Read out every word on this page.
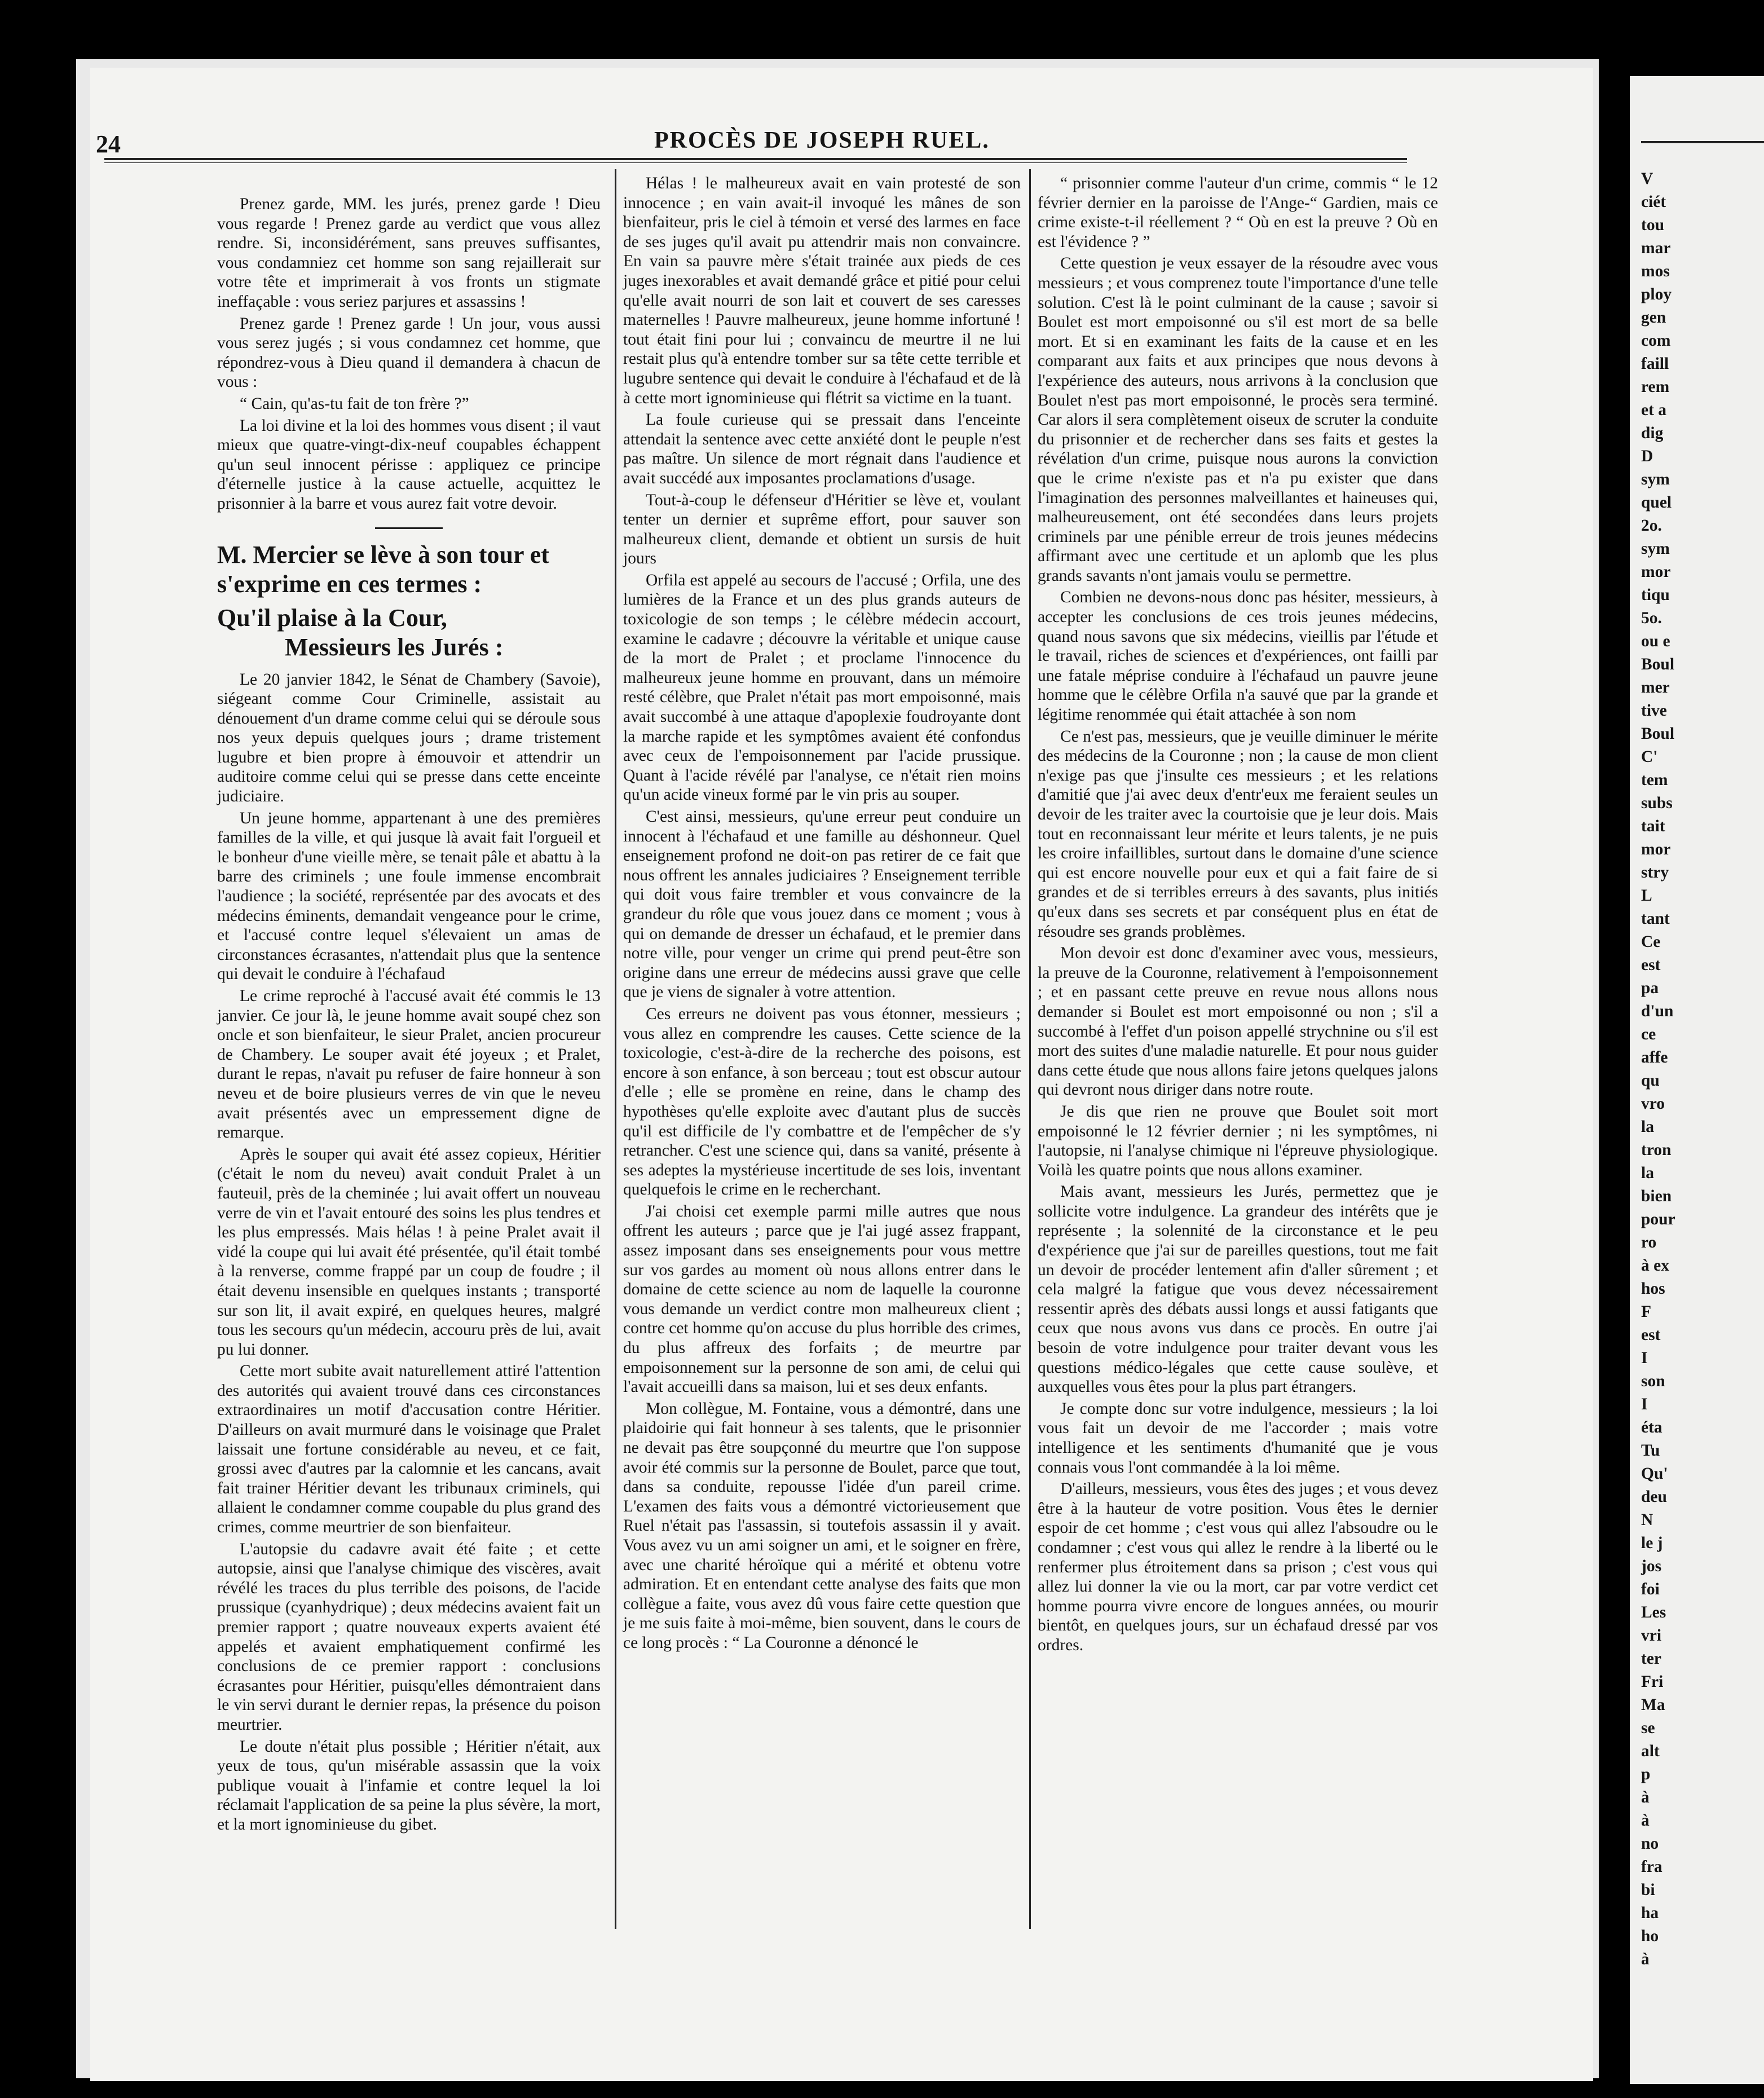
24	PROCÈS DE JOSEPH RUEL.

Prenez garde, MM. les jurés, prenez garde ! Dieu vous regarde ! Prenez garde au verdict que vous allez rendre. Si, inconsidérément, sans preuves suffisantes, vous condamniez cet homme son sang rejaillerait sur votre tête et imprimerait à vos fronts un stigmate ineffaçable : vous seriez parjures et assassins !

Prenez garde ! Prenez garde ! Un jour, vous aussi vous serez jugés ; si vous condamnez cet homme, que répondrez-vous à Dieu quand il demandera à chacun de vous :

“ Cain, qu'as-tu fait de ton frère ?”

La loi divine et la loi des hommes vous disent ; il vaut mieux que quatre-vingt-dix-neuf coupables échappent qu'un seul innocent périsse : appliquez ce principe d'éternelle justice à la cause actuelle, acquittez le prisonnier à la barre et vous aurez fait votre devoir.

M. Mercier se lève à son tour et s'exprime en ces termes :
Qu'il plaise à la Cour,
Messieurs les Jurés :

Le 20 janvier 1842, le Sénat de Chambery (Savoie), siégeant comme Cour Criminelle, assistait au dénouement d'un drame comme celui qui se déroule sous nos yeux depuis quelques jours ; drame tristement lugubre et bien propre à émouvoir et attendrir un auditoire comme celui qui se presse dans cette enceinte judiciaire.

Un jeune homme, appartenant à une des premières familles de la ville, et qui jusque là avait fait l'orgueil et le bonheur d'une vieille mère, se tenait pâle et abattu à la barre des criminels ; une foule immense encombrait l'audience ; la société, représentée par des avocats et des médecins éminents, demandait vengeance pour le crime, et l'accusé contre lequel s'élevaient un amas de circonstances écrasantes, n'attendait plus que la sentence qui devait le conduire à l'échafaud

Le crime reproché à l'accusé avait été commis le 13 janvier. Ce jour là, le jeune homme avait soupé chez son oncle et son bienfaiteur, le sieur Pralet, ancien procureur de Chambery. Le souper avait été joyeux ; et Pralet, durant le repas, n'avait pu refuser de faire honneur à son neveu et de boire plusieurs verres de vin que le neveu avait présentés avec un empressement digne de remarque.

Après le souper qui avait été assez copieux, Héritier (c'était le nom du neveu) avait conduit Pralet à un fauteuil, près de la cheminée ; lui avait offert un nouveau verre de vin et l'avait entouré des soins les plus tendres et les plus empressés. Mais hélas ! à peine Pralet avait il vidé la coupe qui lui avait été présentée, qu'il était tombé à la renverse, comme frappé par un coup de foudre ; il était devenu insensible en quelques instants ; transporté sur son lit, il avait expiré, en quelques heures, malgré tous les secours qu'un médecin, accouru près de lui, avait pu lui donner.

Cette mort subite avait naturellement attiré l'attention des autorités qui avaient trouvé dans ces circonstances extraordinaires un motif d'accusation contre Héritier. D'ailleurs on avait murmuré dans le voisinage que Pralet laissait une fortune considérable au neveu, et ce fait, grossi avec d'autres par la calomnie et les cancans, avait fait trainer Héritier devant les tribunaux criminels, qui allaient le condamner comme coupable du plus grand des crimes, comme meurtrier de son bienfaiteur.

L'autopsie du cadavre avait été faite ; et cette autopsie, ainsi que l'analyse chimique des viscères, avait révélé les traces du plus terrible des poisons, de l'acide prussique (cyanhydrique) ; deux médecins avaient fait un premier rapport ; quatre nouveaux experts avaient été appelés et avaient emphatiquement confirmé les conclusions de ce premier rapport : conclusions écrasantes pour Héritier, puisqu'elles démontraient dans le vin servi durant le dernier repas, la présence du poison meurtrier.

Le doute n'était plus possible ; Héritier n'était, aux yeux de tous, qu'un misérable assassin que la voix publique vouait à l'infamie et contre lequel la loi réclamait l'application de sa peine la plus sévère, la mort, et la mort ignominieuse du gibet.

Hélas ! le malheureux avait en vain protesté de son innocence ; en vain avait-il invoqué les mânes de son bienfaiteur, pris le ciel à témoin et versé des larmes en face de ses juges qu'il avait pu attendrir mais non convaincre. En vain sa pauvre mère s'était trainée aux pieds de ces juges inexorables et avait demandé grâce et pitié pour celui qu'elle avait nourri de son lait et couvert de ses caresses maternelles ! Pauvre malheureux, jeune homme infortuné ! tout était fini pour lui ; convaincu de meurtre il ne lui restait plus qu'à entendre tomber sur sa tête cette terrible et lugubre sentence qui devait le conduire à l'échafaud et de là à cette mort ignominieuse qui flétrit sa victime en la tuant.

La foule curieuse qui se pressait dans l'enceinte attendait la sentence avec cette anxiété dont le peuple n'est pas maître. Un silence de mort régnait dans l'audience et avait succédé aux imposantes proclamations d'usage.

Tout-à-coup le défenseur d'Héritier se lève et, voulant tenter un dernier et suprême effort, pour sauver son malheureux client, demande et obtient un sursis de huit jours

Orfila est appelé au secours de l'accusé ; Orfila, une des lumières de la France et un des plus grands auteurs de toxicologie de son temps ; le célèbre médecin accourt, examine le cadavre ; découvre la véritable et unique cause de la mort de Pralet ; et proclame l'innocence du malheureux jeune homme en prouvant, dans un mémoire resté célèbre, que Pralet n'était pas mort empoisonné, mais avait succombé à une attaque d'apoplexie foudroyante dont la marche rapide et les symptômes avaient été confondus avec ceux de l'empoisonnement par l'acide prussique. Quant à l'acide révélé par l'analyse, ce n'était rien moins qu'un acide vineux formé par le vin pris au souper.

C'est ainsi, messieurs, qu'une erreur peut conduire un innocent à l'échafaud et une famille au déshonneur. Quel enseignement profond ne doit-on pas retirer de ce fait que nous offrent les annales judiciaires ? Enseignement terrible qui doit vous faire trembler et vous convaincre de la grandeur du rôle que vous jouez dans ce moment ; vous à qui on demande de dresser un échafaud, et le premier dans notre ville, pour venger un crime qui prend peut-être son origine dans une erreur de médecins aussi grave que celle que je viens de signaler à votre attention.

Ces erreurs ne doivent pas vous étonner, messieurs ; vous allez en comprendre les causes. Cette science de la toxicologie, c'est-à-dire de la recherche des poisons, est encore à son enfance, à son berceau ; tout est obscur autour d'elle ; elle se promène en reine, dans le champ des hypothèses qu'elle exploite avec d'autant plus de succès qu'il est difficile de l'y combattre et de l'empêcher de s'y retrancher. C'est une science qui, dans sa vanité, présente à ses adeptes la mystérieuse incertitude de ses lois, inventant quelquefois le crime en le recherchant.

J'ai choisi cet exemple parmi mille autres que nous offrent les auteurs ; parce que je l'ai jugé assez frappant, assez imposant dans ses enseignements pour vous mettre sur vos gardes au moment où nous allons entrer dans le domaine de cette science au nom de laquelle la couronne vous demande un verdict contre mon malheureux client ; contre cet homme qu'on accuse du plus horrible des crimes, du plus affreux des forfaits ; de meurtre par empoisonnement sur la personne de son ami, de celui qui l'avait accueilli dans sa maison, lui et ses deux enfants.

Mon collègue, M. Fontaine, vous a démontré, dans une plaidoirie qui fait honneur à ses talents, que le prisonnier ne devait pas être soupçonné du meurtre que l'on suppose avoir été commis sur la personne de Boulet, parce que tout, dans sa conduite, repousse l'idée d'un pareil crime. L'examen des faits vous a démontré victorieusement que Ruel n'était pas l'assassin, si toutefois assassin il y avait. Vous avez vu un ami soigner un ami, et le soigner en frère, avec une charité héroïque qui a mérité et obtenu votre admiration. Et en entendant cette analyse des faits que mon collègue a faite, vous avez dû vous faire cette question que je me suis faite à moi-même, bien souvent, dans le cours de ce long procès : “ La Couronne a dénoncé le

“ prisonnier comme l'auteur d'un crime, commis “ le 12 février dernier en la paroisse de l'Ange-“ Gardien, mais ce crime existe-t-il réellement ? “ Où en est la preuve ? Où en est l'évidence ? ”

Cette question je veux essayer de la résoudre avec vous messieurs ; et vous comprenez toute l'importance d'une telle solution. C'est là le point culminant de la cause ; savoir si Boulet est mort empoisonné ou s'il est mort de sa belle mort. Et si en examinant les faits de la cause et en les comparant aux faits et aux principes que nous devons à l'expérience des auteurs, nous arrivons à la conclusion que Boulet n'est pas mort empoisonné, le procès sera terminé. Car alors il sera complètement oiseux de scruter la conduite du prisonnier et de rechercher dans ses faits et gestes la révélation d'un crime, puisque nous aurons la conviction que le crime n'existe pas et n'a pu exister que dans l'imagination des personnes malveillantes et haineuses qui, malheureusement, ont été secondées dans leurs projets criminels par une pénible erreur de trois jeunes médecins affirmant avec une certitude et un aplomb que les plus grands savants n'ont jamais voulu se permettre.

Combien ne devons-nous donc pas hésiter, messieurs, à accepter les conclusions de ces trois jeunes médecins, quand nous savons que six médecins, vieillis par l'étude et le travail, riches de sciences et d'expériences, ont failli par une fatale méprise conduire à l'échafaud un pauvre jeune homme que le célèbre Orfila n'a sauvé que par la grande et légitime renommée qui était attachée à son nom

Ce n'est pas, messieurs, que je veuille diminuer le mérite des médecins de la Couronne ; non ; la cause de mon client n'exige pas que j'insulte ces messieurs ; et les relations d'amitié que j'ai avec deux d'entr'eux me feraient seules un devoir de les traiter avec la courtoisie que je leur dois. Mais tout en reconnaissant leur mérite et leurs talents, je ne puis les croire infaillibles, surtout dans le domaine d'une science qui est encore nouvelle pour eux et qui a fait faire de si grandes et de si terribles erreurs à des savants, plus initiés qu'eux dans ses secrets et par conséquent plus en état de résoudre ses grands problèmes.

Mon devoir est donc d'examiner avec vous, messieurs, la preuve de la Couronne, relativement à l'empoisonnement ; et en passant cette preuve en revue nous allons nous demander si Boulet est mort empoisonné ou non ; s'il a succombé à l'effet d'un poison appellé strychnine ou s'il est mort des suites d'une maladie naturelle. Et pour nous guider dans cette étude que nous allons faire jetons quelques jalons qui devront nous diriger dans notre route.

Je dis que rien ne prouve que Boulet soit mort empoisonné le 12 février dernier ; ni les symptômes, ni l'autopsie, ni l'analyse chimique ni l'épreuve physiologique. Voilà les quatre points que nous allons examiner.

Mais avant, messieurs les Jurés, permettez que je sollicite votre indulgence. La grandeur des intérêts que je représente ; la solennité de la circonstance et le peu d'expérience que j'ai sur de pareilles questions, tout me fait un devoir de procéder lentement afin d'aller sûrement ; et cela malgré la fatigue que vous devez nécessairement ressentir après des débats aussi longs et aussi fatigants que ceux que nous avons vus dans ce procès. En outre j'ai besoin de votre indulgence pour traiter devant vous les questions médico-légales que cette cause soulève, et auxquelles vous êtes pour la plus part étrangers.

Je compte donc sur votre indulgence, messieurs ; la loi vous fait un devoir de me l'accorder ; mais votre intelligence et les sentiments d'humanité que je vous connais vous l'ont commandée à la loi même.

D'ailleurs, messieurs, vous êtes des juges ; et vous devez être à la hauteur de votre position. Vous êtes le dernier espoir de cet homme ; c'est vous qui allez l'absoudre ou le condamner ; c'est vous qui allez le rendre à la liberté ou le renfermer plus étroitement dans sa prison ; c'est vous qui allez lui donner la vie ou la mort, car par votre verdict cet homme pourra vivre encore de longues années, ou mourir bientôt, en quelques jours, sur un échafaud dressé par vos ordres.

V
ciét
tou
mar
mos
ploy
gen
com
faill
rem
et a
dig
D
sym
quel
2o.
sym
mor
tiqu
5o.
ou e
Boul
mer
tive
Boul
C'
tem
subs
tait
mor
stry
L
tant
Ce
est
pa
d'un
ce
affe
qu
vro
la
tron
la
bien
pour
ro
à ex
hos
F
est
I
son
I
éta
Tu
Qu'
deu
N
le j
jos
foi
Les
vri
ter
Fri
Ma
se
alt
p
à
à
no
fra
bi
ha
ho
à
